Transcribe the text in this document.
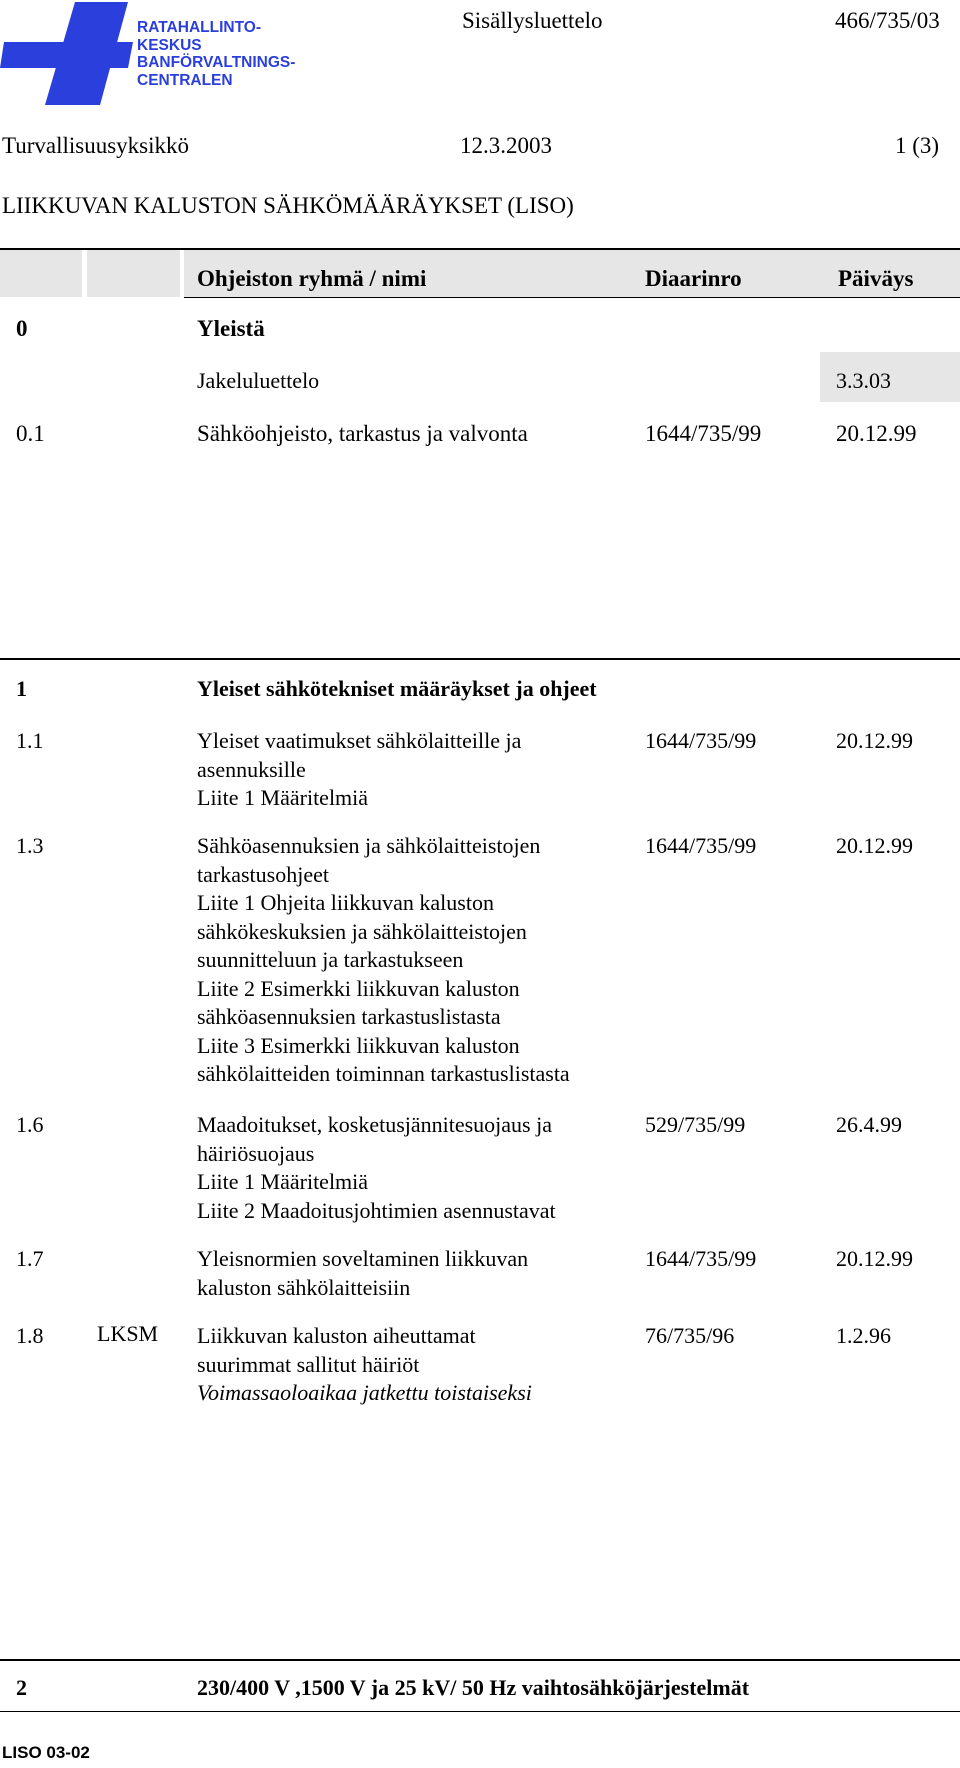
RATAHALLINTO-
KESKUS
BANFÖRVALTNINGS-
CENTRALEN
Sisällysluettelo	466/735/03
Turvallisuusyksikkö	12.3.2003	1 (3)
LIIKKUVAN KALUSTON SÄHKÖMÄÄRÄYKSET (LISO)
Ohjeiston ryhmä / nimi	Diaarinro	Päiväys
0	Yleistä
Jakeluluettelo	3.3.03
0.1	Sähköohjeisto, tarkastus ja valvonta	1644/735/99	20.12.99
1	Yleiset sähkötekniset määräykset ja ohjeet
1.1	Yleiset vaatimukset sähkölaitteille ja
asennuksille
Liite 1 Määritelmiä
1644/735/99	20.12.99
1.3	Sähköasennuksien ja sähkölaitteistojen
tarkastusohjeet
Liite 1 Ohjeita liikkuvan kaluston
sähkökeskuksien ja sähkölaitteistojen
suunnitteluun ja tarkastukseen
Liite 2 Esimerkki liikkuvan kaluston
sähköasennuksien tarkastuslistasta
Liite 3 Esimerkki liikkuvan kaluston
sähkölaitteiden toiminnan tarkastuslistasta
1644/735/99	20.12.99
1.6	Maadoitukset, kosketusjännitesuojaus ja
häiriösuojaus
Liite 1 Määritelmiä
Liite 2 Maadoitusjohtimien asennustavat
529/735/99	26.4.99
1.7	Yleisnormien soveltaminen liikkuvan
kaluston sähkölaitteisiin
1644/735/99	20.12.99
1.8 LKSM Liikkuvan kaluston aiheuttamat
suurimmat sallitut häiriöt
Voimassaoloaikaa jatkettu toistaiseksi
76/735/96	1.2.96
2	230/400 V ,1500 V ja 25 kV/ 50 Hz vaihtosähköjärjestelmät
LISO 03-02
